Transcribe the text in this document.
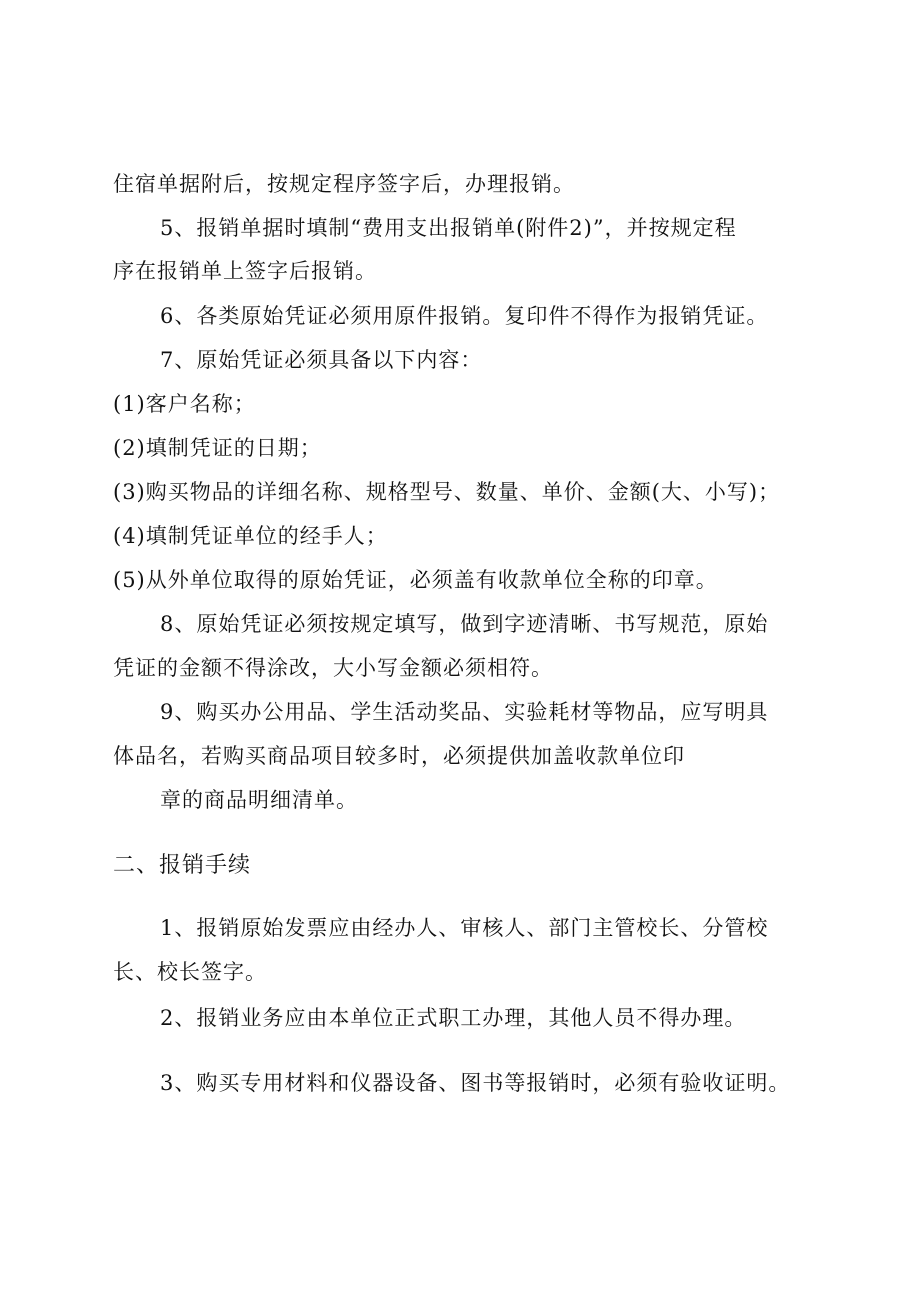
住宿单据附后，按规定程序签字后，办理报销。
5、报销单据时填制“费用支出报销单(附件2)”，并按规定程
序在报销单上签字后报销。
6、各类原始凭证必须用原件报销。复印件不得作为报销凭证。
7、原始凭证必须具备以下内容：
(1)客户名称；
(2)填制凭证的日期；
(3)购买物品的详细名称、规格型号、数量、单价、金额(大、小写)；
(4)填制凭证单位的经手人；
(5)从外单位取得的原始凭证，必须盖有收款单位全称的印章。
8、原始凭证必须按规定填写，做到字迹清晰、书写规范，原始
凭证的金额不得涂改，大小写金额必须相符。
9、购买办公用品、学生活动奖品、实验耗材等物品，应写明具
体品名，若购买商品项目较多时，必须提供加盖收款单位印
章的商品明细清单。
二、报销手续
1、报销原始发票应由经办人、审核人、部门主管校长、分管校
长、校长签字。
2、报销业务应由本单位正式职工办理，其他人员不得办理。
3、购买专用材料和仪器设备、图书等报销时，必须有验收证明。
